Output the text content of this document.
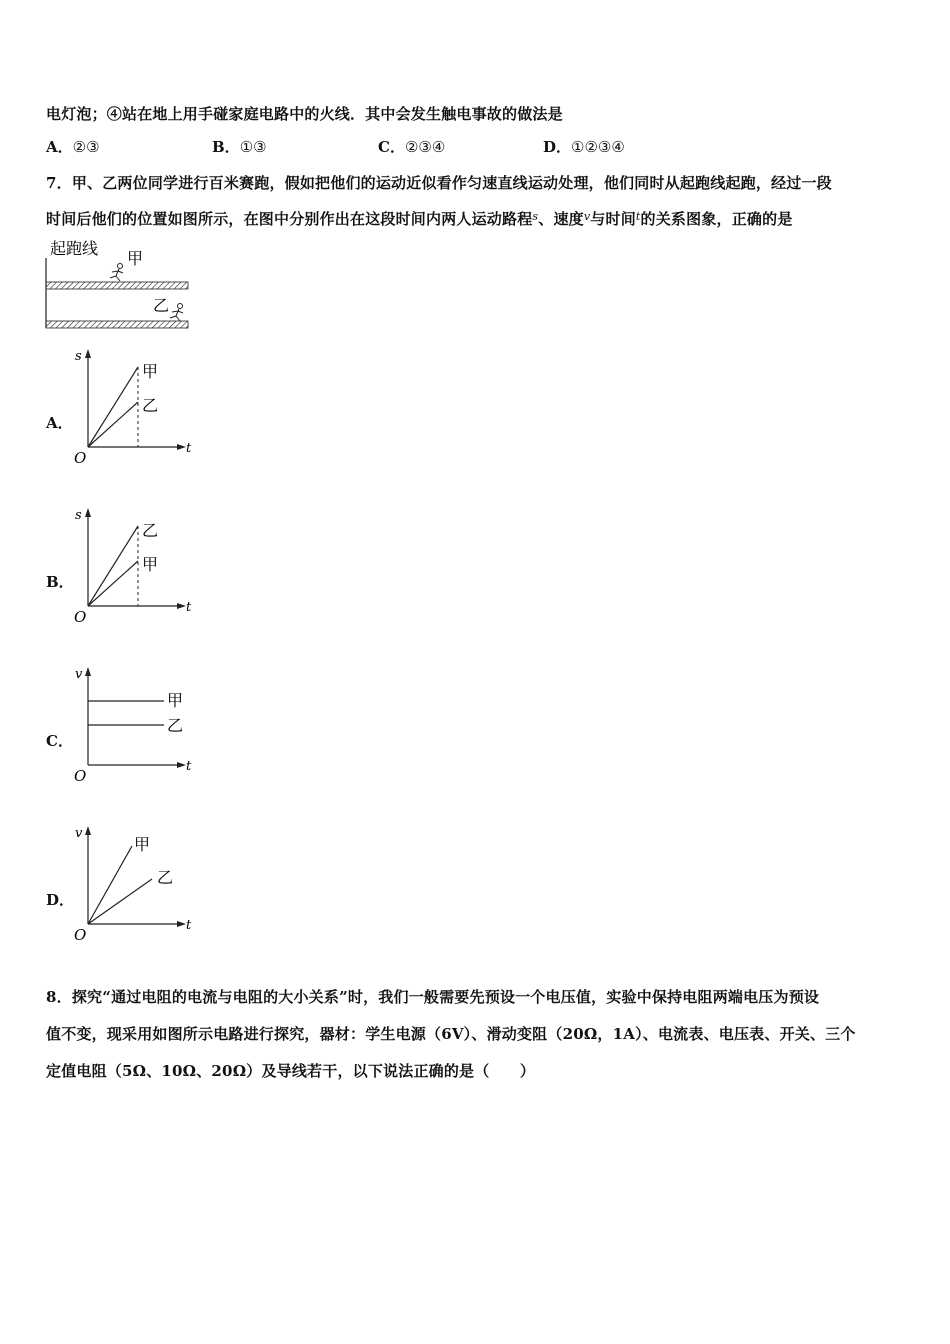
电灯泡；④站在地上用手碰家庭电路中的火线．其中会发生触电事故的做法是
A．②③	B．①③	C．②③④	D．①②③④
7．甲、乙两位同学进行百米赛跑，假如把他们的运动近似看作匀速直线运动处理，他们同时从起跑线起跑，经过一段
时间后他们的位置如图所示，在图中分别作出在这段时间内两人运动路程$^s$、速度$^v$与时间$^t$的关系图象，正确的是
起跑线
甲
乙
A．
s
t
O
甲
乙
B．
s
t
O
乙
甲
C．
v
t
O
甲
乙
D．
v
t
O
甲
乙
8．探究“通过电阻的电流与电阻的大小关系”时，我们一般需要先预设一个电压值，实验中保持电阻两端电压为预设
值不变，现采用如图所示电路进行探究，器材：学生电源（6V）、滑动变阻（20Ω，1A）、电流表、电压表、开关、三个
定值电阻（5Ω、10Ω、20Ω）及导线若干，以下说法正确的是（　　）
